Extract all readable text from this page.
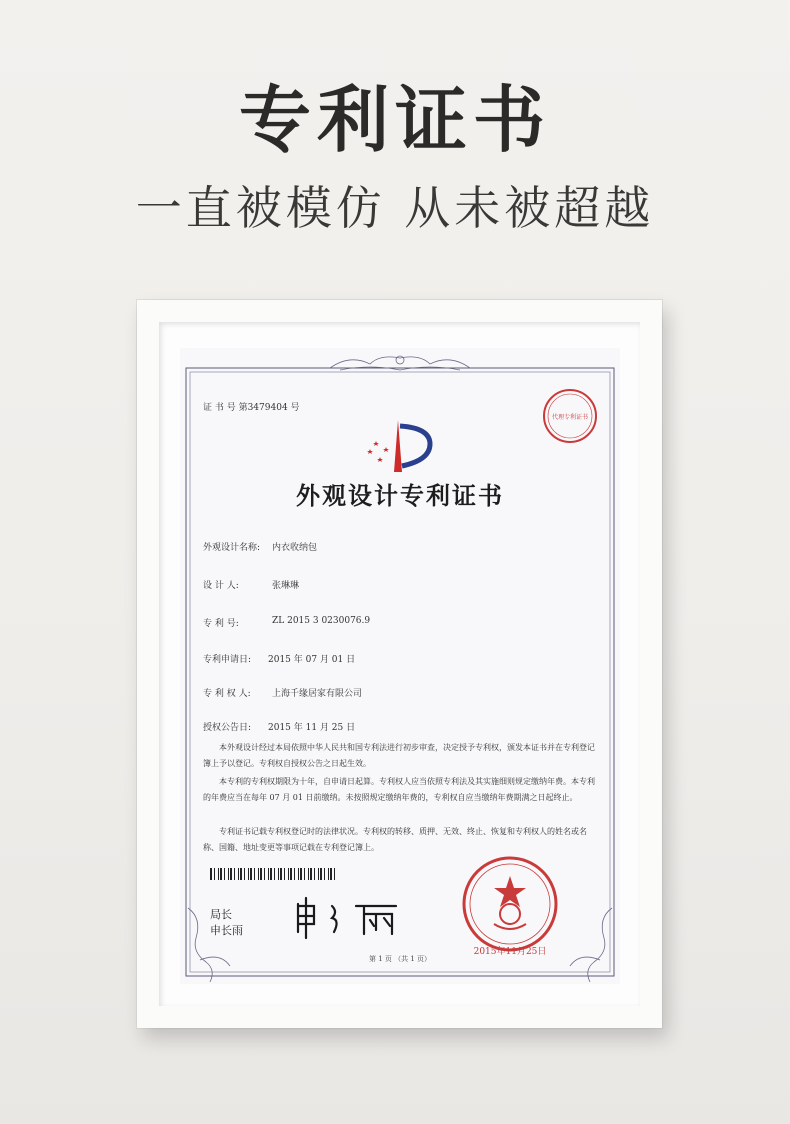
专利证书
一直被模仿 从未被超越
证 书 号 第3479404 号
代理专利证书
外观设计专利证书
外观设计名称: 内衣收纳包
设 计 人:	张琳琳
专 利 号:	ZL 2015 3 0230076.9
专利申请日: 2015 年 07 月 01 日
专 利 权 人: 上海千缘居家有限公司
授权公告日: 2015 年 11 月 25 日
本外观设计经过本局依照中华人民共和国专利法进行初步审查，决定授予专利权，颁发本证书并在专利登记簿上予以登记。专利权自授权公告之日起生效。
本专利的专利权期限为十年，自申请日起算。专利权人应当依照专利法及其实施细则规定缴纳年费。本专利的年费应当在每年 07 月 01 日前缴纳。未按照规定缴纳年费的，专利权自应当缴纳年费期满之日起终止。
专利证书记载专利权登记时的法律状况。专利权的转移、质押、无效、终止、恢复和专利权人的姓名或名称、国籍、地址变更等事项记载在专利登记簿上。
局长
申长雨
2015年11月25日
第 1 页 （共 1 页）
